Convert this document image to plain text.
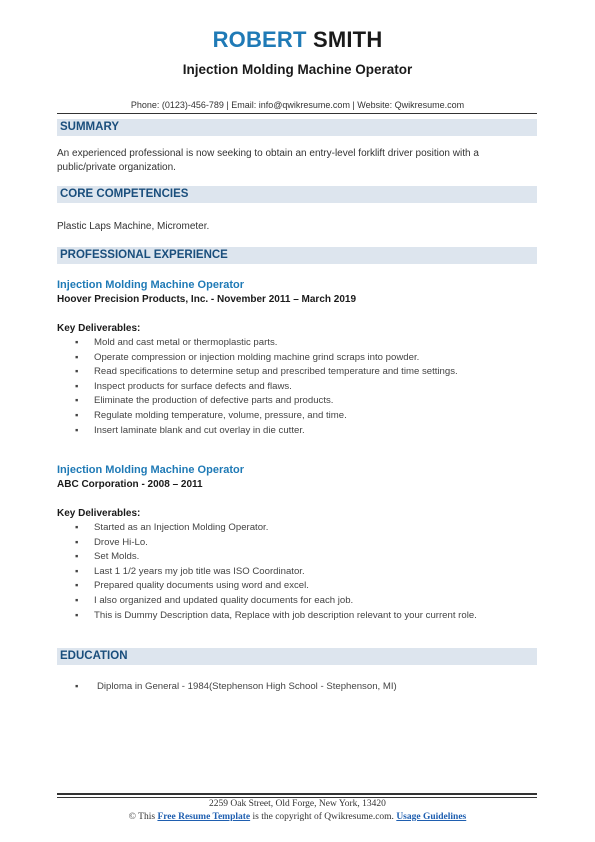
ROBERT SMITH
Injection Molding Machine Operator
Phone: (0123)-456-789 | Email: info@qwikresume.com | Website: Qwikresume.com
SUMMARY
An experienced professional is now seeking to obtain an entry-level forklift driver position with a public/private organization.
CORE COMPETENCIES
Plastic Laps Machine, Micrometer.
PROFESSIONAL EXPERIENCE
Injection Molding Machine Operator
Hoover Precision Products, Inc. - November 2011 – March 2019
Key Deliverables:
▪ Mold and cast metal or thermoplastic parts.
▪ Operate compression or injection molding machine grind scraps into powder.
▪ Read specifications to determine setup and prescribed temperature and time settings.
▪ Inspect products for surface defects and flaws.
▪ Eliminate the production of defective parts and products.
▪ Regulate molding temperature, volume, pressure, and time.
▪ Insert laminate blank and cut overlay in die cutter.
Injection Molding Machine Operator
ABC Corporation - 2008 – 2011
Key Deliverables:
▪ Started as an Injection Molding Operator.
▪ Drove Hi-Lo.
▪ Set Molds.
▪ Last 1 1/2 years my job title was ISO Coordinator.
▪ Prepared quality documents using word and excel.
▪ I also organized and updated quality documents for each job.
▪ This is Dummy Description data, Replace with job description relevant to your current role.
EDUCATION
▪ Diploma in General - 1984(Stephenson High School - Stephenson, MI)
2259 Oak Street, Old Forge, New York, 13420
© This Free Resume Template is the copyright of Qwikresume.com. Usage Guidelines
